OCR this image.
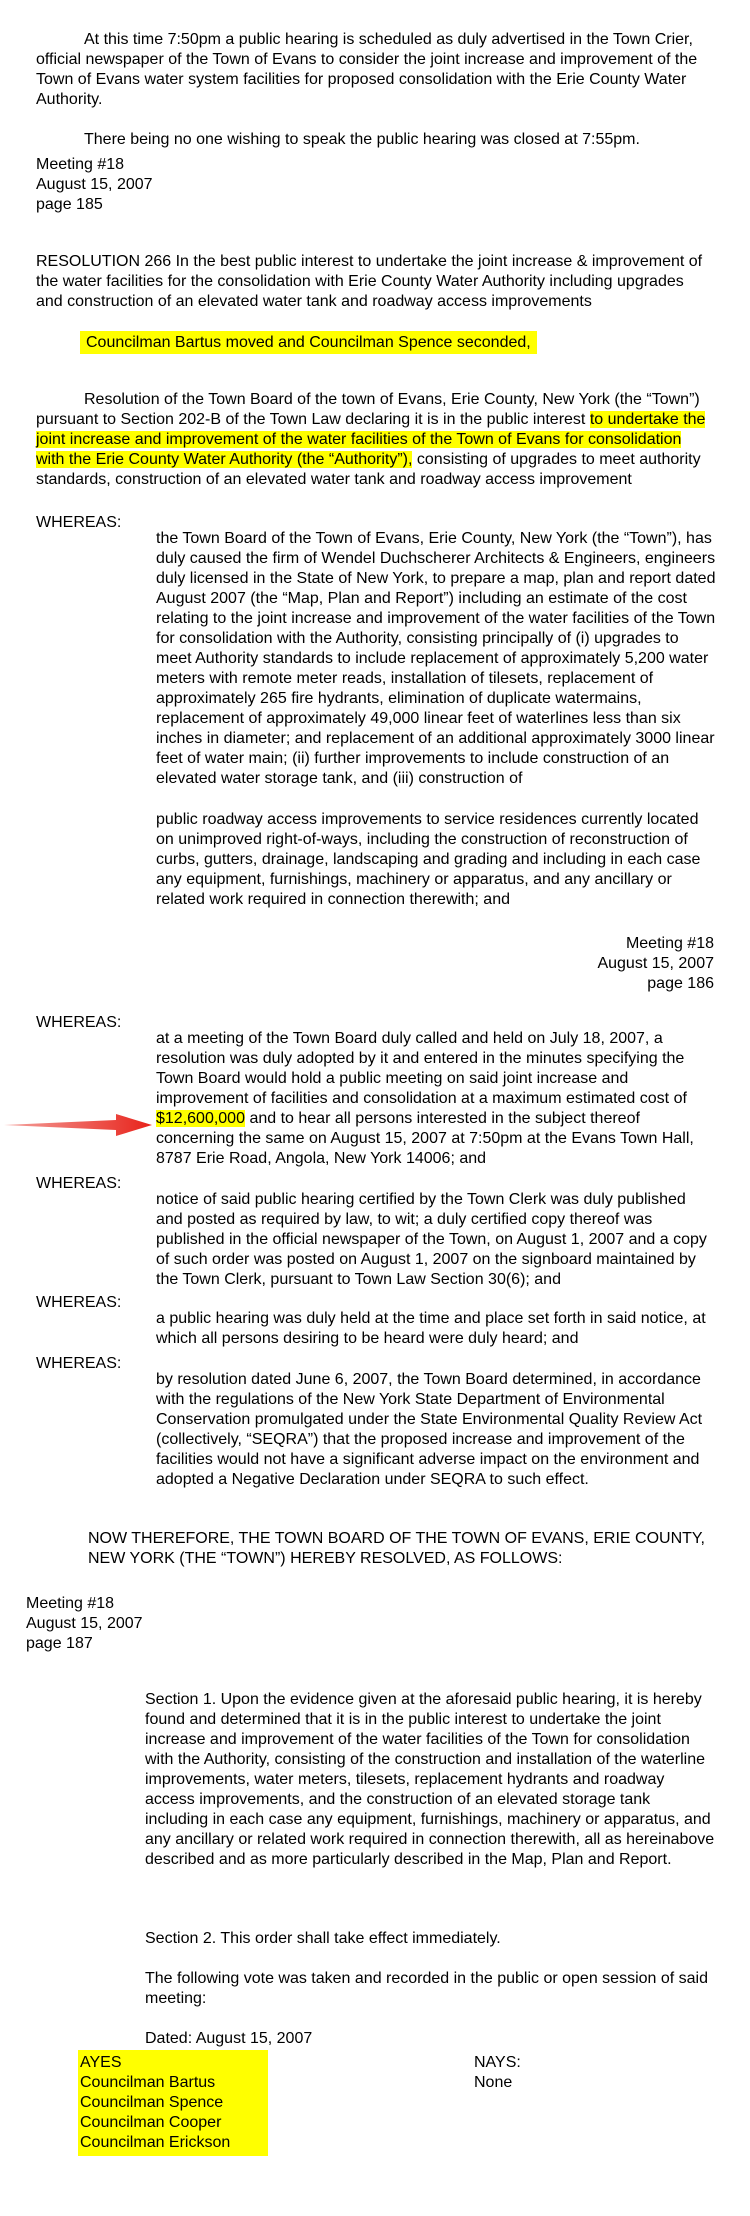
At this time 7:50pm a public hearing is scheduled as duly advertised in the Town Crier, official newspaper of the Town of Evans to consider the joint increase and improvement of the Town of Evans water system facilities for proposed consolidation with the Erie County Water Authority.

There being no one wishing to speak the public hearing was closed at 7:55pm.

Meeting #18
August 15, 2007
page 185

RESOLUTION 266 In the best public interest to undertake the joint increase & improvement of the water facilities for the consolidation with Erie County Water Authority including upgrades and construction of an elevated water tank and roadway access improvements

Councilman Bartus moved and Councilman Spence seconded,

Resolution of the Town Board of the town of Evans, Erie County, New York (the “Town”) pursuant to Section 202-B of the Town Law declaring it is in the public interest to undertake the joint increase and improvement of the water facilities of the Town of Evans for consolidation with the Erie County Water Authority (the “Authority”), consisting of upgrades to meet authority standards, construction of an elevated water tank and roadway access improvement

WHEREAS:

the Town Board of the Town of Evans, Erie County, New York (the “Town”), has duly caused the firm of Wendel Duchscherer Architects & Engineers, engineers duly licensed in the State of New York, to prepare a map, plan and report dated August 2007 (the “Map, Plan and Report”) including an estimate of the cost relating to the joint increase and improvement of the water facilities of the Town for consolidation with the Authority, consisting principally of (i) upgrades to meet Authority standards to include replacement of approximately 5,200 water meters with remote meter reads, installation of tilesets, replacement of approximately 265 fire hydrants, elimination of duplicate watermains, replacement of approximately 49,000 linear feet of waterlines less than six inches in diameter; and replacement of an additional approximately 3000 linear feet of water main; (ii) further improvements to include construction of an elevated water storage tank, and (iii) construction of

public roadway access improvements to service residences currently located on unimproved right-of-ways, including the construction of reconstruction of curbs, gutters, drainage, landscaping and grading and including in each case any equipment, furnishings, machinery or apparatus, and any ancillary or related work required in connection therewith; and

Meeting #18
August 15, 2007
page 186
WHEREAS:

at a meeting of the Town Board duly called and held on July 18, 2007, a resolution was duly adopted by it and entered in the minutes specifying the Town Board would hold a public meeting on said joint increase and improvement of facilities and consolidation at a maximum estimated cost of $12,600,000 and to hear all persons interested in the subject thereof concerning the same on August 15, 2007 at 7:50pm at the Evans Town Hall, 8787 Erie Road, Angola, New York 14006; and

WHEREAS:

notice of said public hearing certified by the Town Clerk was duly published and posted as required by law, to wit; a duly certified copy thereof was published in the official newspaper of the Town, on August 1, 2007 and a copy of such order was posted on August 1, 2007 on the signboard maintained by the Town Clerk, pursuant to Town Law Section 30(6); and

WHEREAS:

a public hearing was duly held at the time and place set forth in said notice, at which all persons desiring to be heard were duly heard; and

WHEREAS:

by resolution dated June 6, 2007, the Town Board determined, in accordance with the regulations of the New York State Department of Environmental Conservation promulgated under the State Environmental Quality Review Act (collectively, “SEQRA”) that the proposed increase and improvement of the facilities would not have a significant adverse impact on the environment and adopted a Negative Declaration under SEQRA to such effect.

NOW THEREFORE, THE TOWN BOARD OF THE TOWN OF EVANS, ERIE COUNTY, NEW YORK (THE “TOWN”) HEREBY RESOLVED, AS FOLLOWS:

Meeting #18
August 15, 2007
page 187

Section 1. Upon the evidence given at the aforesaid public hearing, it is hereby found and determined that it is in the public interest to undertake the joint increase and improvement of the water facilities of the Town for consolidation with the Authority, consisting of the construction and installation of the waterline improvements, water meters, tilesets, replacement hydrants and roadway access improvements, and the construction of an elevated storage tank including in each case any equipment, furnishings, machinery or apparatus, and any ancillary or related work required in connection therewith, all as hereinabove described and as more particularly described in the Map, Plan and Report.

Section 2. This order shall take effect immediately.

The following vote was taken and recorded in the public or open session of said meeting:

Dated: August 15, 2007

AYES
Councilman Bartus
Councilman Spence
Councilman Cooper
Councilman Erickson
NAYS:
None
